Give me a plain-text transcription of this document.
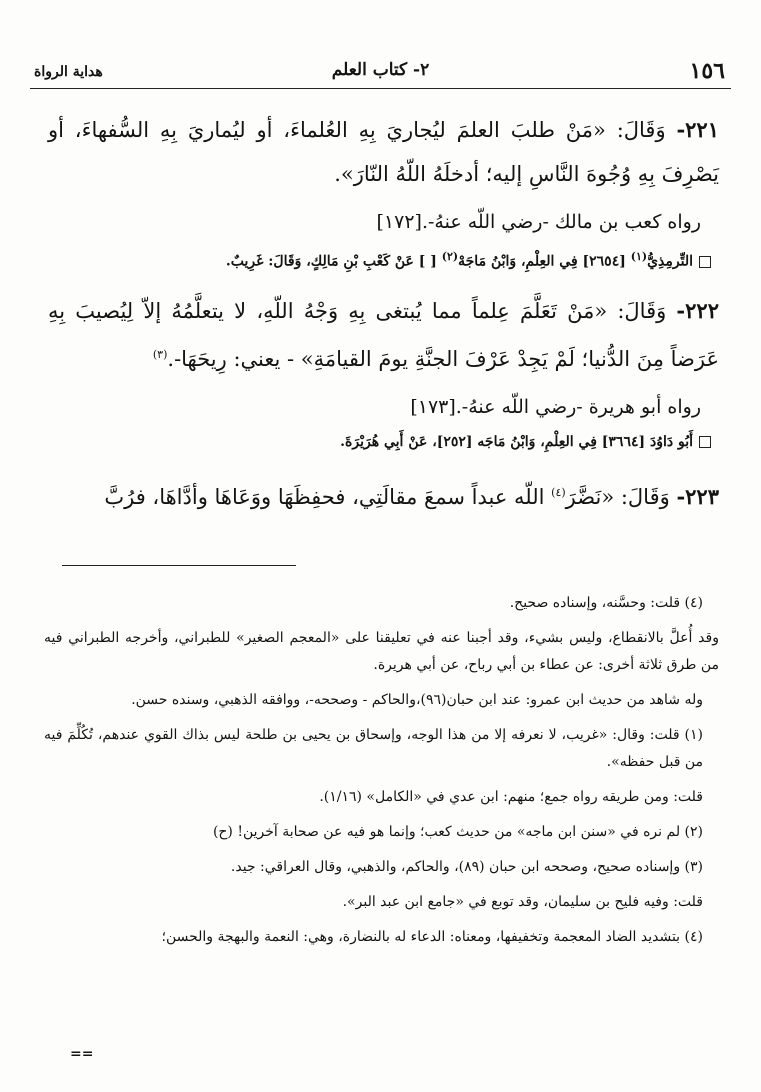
١٥٦
٢- كتاب العلم
هداية الرواة

٢٢١- وَقَالَ: «مَنْ طلبَ العلمَ ليُجاريَ بِهِ العُلماءَ، أو ليُماريَ بِهِ السُّفهاءَ، أو يَصْرِفَ بِهِ وُجُوهَ النَّاسِ إليه؛ أدخلَهُ اللّهُ النّارَ».

رواه كعب بن مالك -رضي اللّه عنهُ-.[١٧٢]
التِّرمِذِيُّ$^{(١)}$ [٢٦٥٤] فِي العِلْمِ، وَابْنُ مَاجَهْ$^{(٢)}$ [ ] عَنْ كَعْبِ بْنِ مَالِكٍ، وَقَالَ: غَرِيبٌ.

٢٢٢- وَقَالَ: «مَنْ تَعَلَّمَ عِلماً مما يُبتغى بِهِ وَجْهُ اللّهِ، لا يتعلَّمُهُ إلاّ لِيُصيبَ بِهِ عَرَضاً مِنَ الدُّنيا؛ لَمْ يَجِدْ عَرْفَ الجنَّةِ يومَ القيامَةِ» - يعني: رِيحَهَا-.$^{(٣)}$

رواه أبو هريرة -رضي اللّه عنهُ-.[١٧٣]
أَبُو دَاوُدَ [٣٦٦٤] فِي العِلْمِ، وَابْنُ مَاجَه [٢٥٢]، عَنْ أَبِي هُرَيْرَةَ.

٢٢٣- وَقَالَ: «نَضَّرَ$^{(٤)}$ اللّه عبداً سمعَ مقالَتِي، فحفِظَهَا ووَعَاهَا وأدَّاهَا، فرُبَّ

(٤) قلت: وحسَّنه، وإسناده صحيح.

وقد أُعلَّ بالانقطاع، وليس بشيء، وقد أجبنا عنه في تعليقنا على «المعجم الصغير» للطبراني، وأخرجه الطبراني فيه من طرق ثلاثة أخرى: عن عطاء بن أبي رباح، عن أبي هريرة.

وله شاهد من حديث ابن عمرو: عند ابن حبان(٩٦)،والحاكم - وصححه-، ووافقه الذهبي، وسنده حسن.

(١) قلت: وقال: «غريب، لا نعرفه إلا من هذا الوجه، وإسحاق بن يحيى بن طلحة ليس بذاك القوي عندهم، تُكُلِّمَ فيه من قبل حفظه».

قلت: ومن طريقه رواه جمع؛ منهم: ابن عدي في «الكامل» (١/١٦).

(٢) لم نره في «سنن ابن ماجه» من حديث كعب؛ وإنما هو فيه عن صحابة آخرين! (ح)

(٣) وإسناده صحيح، وصححه ابن حبان (٨٩)، والحاكم، والذهبي، وقال العراقي: جيد.

قلت: وفيه فليح بن سليمان، وقد توبع في «جامع ابن عبد البر».

(٤) بتشديد الضاد المعجمة وتخفيفها، ومعناه: الدعاء له بالنضارة، وهي: النعمة والبهجة والحسن؛

==
